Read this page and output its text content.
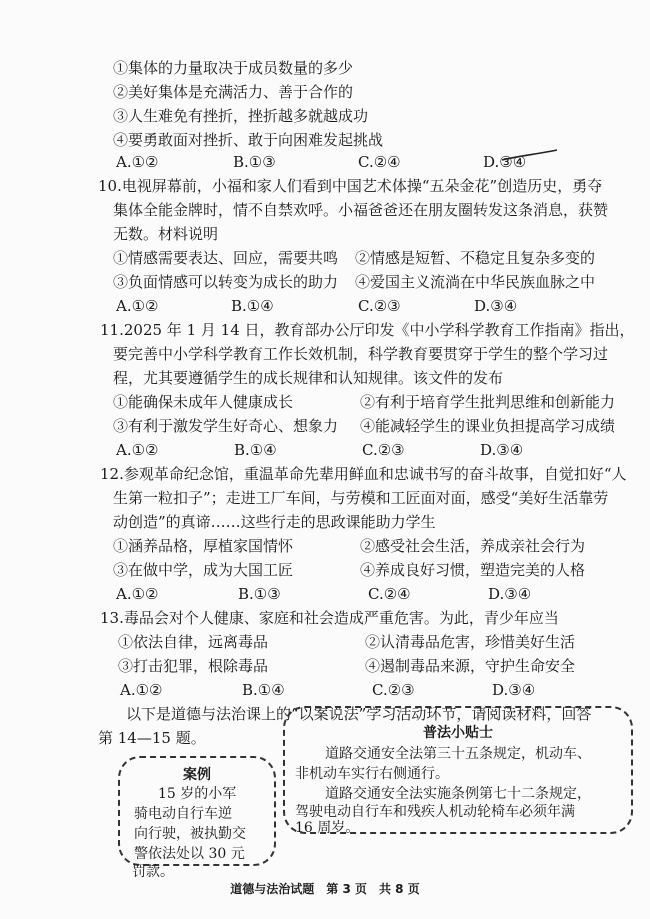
①集体的力量取决于成员数量的多少
②美好集体是充满活力、善于合作的
③人生难免有挫折，挫折越多就越成功
④要勇敢面对挫折、敢于向困难发起挑战
A.①②	B.①③	C.②④	D.③④
10.电视屏幕前，小福和家人们看到中国艺术体操“五朵金花”创造历史，勇夺
集体全能金牌时，情不自禁欢呼。小福爸爸还在朋友圈转发这条消息，获赞
无数。材料说明
①情感需要表达、回应，需要共鸣 ②情感是短暂、不稳定且复杂多变的
③负面情感可以转变为成长的助力 ④爱国主义流淌在中华民族血脉之中
A.①②	B.①④	C.②③	D.③④
11.2025 年 1 月 14 日，教育部办公厅印发《中小学科学教育工作指南》指出，
要完善中小学科学教育工作长效机制，科学教育要贯穿于学生的整个学习过
程，尤其要遵循学生的成长规律和认知规律。该文件的发布
①能确保未成年人健康成长	②有利于培育学生批判思维和创新能力
③有利于激发学生好奇心、想象力 ④能减轻学生的课业负担提高学习成绩
A.①②	B.①④	C.②③	D.③④
12.参观革命纪念馆，重温革命先辈用鲜血和忠诚书写的奋斗故事，自觉扣好“人
生第一粒扣子”；走进工厂车间，与劳模和工匠面对面，感受“美好生活靠劳
动创造”的真谛……这些行走的思政课能助力学生
①涵养品格，厚植家国情怀	②感受社会生活，养成亲社会行为
③在做中学，成为大国工匠	④养成良好习惯，塑造完美的人格
A.①②	B.①③	C.②④	D.③④
13.毒品会对个人健康、家庭和社会造成严重危害。为此，青少年应当
①依法自律，远离毒品	②认清毒品危害，珍惜美好生活
③打击犯罪，根除毒品	④遏制毒品来源，守护生命安全
A.①②	B.①④	C.②③	D.③④
以下是道德与法治课上的“以案说法”学习活动环节，请阅读材料，回答
第 14—15 题。
案例
15 岁的小军
骑电动自行车逆
向行驶，被执勤交
警依法处以 30 元
罚款。
普法小贴士
道路交通安全法第三十五条规定，机动车、
非机动车实行右侧通行。
道路交通安全法实施条例第七十二条规定，
驾驶电动自行车和残疾人机动轮椅车必须年满
16 周岁。
道德与法治试题　第 3 页　共 8 页
